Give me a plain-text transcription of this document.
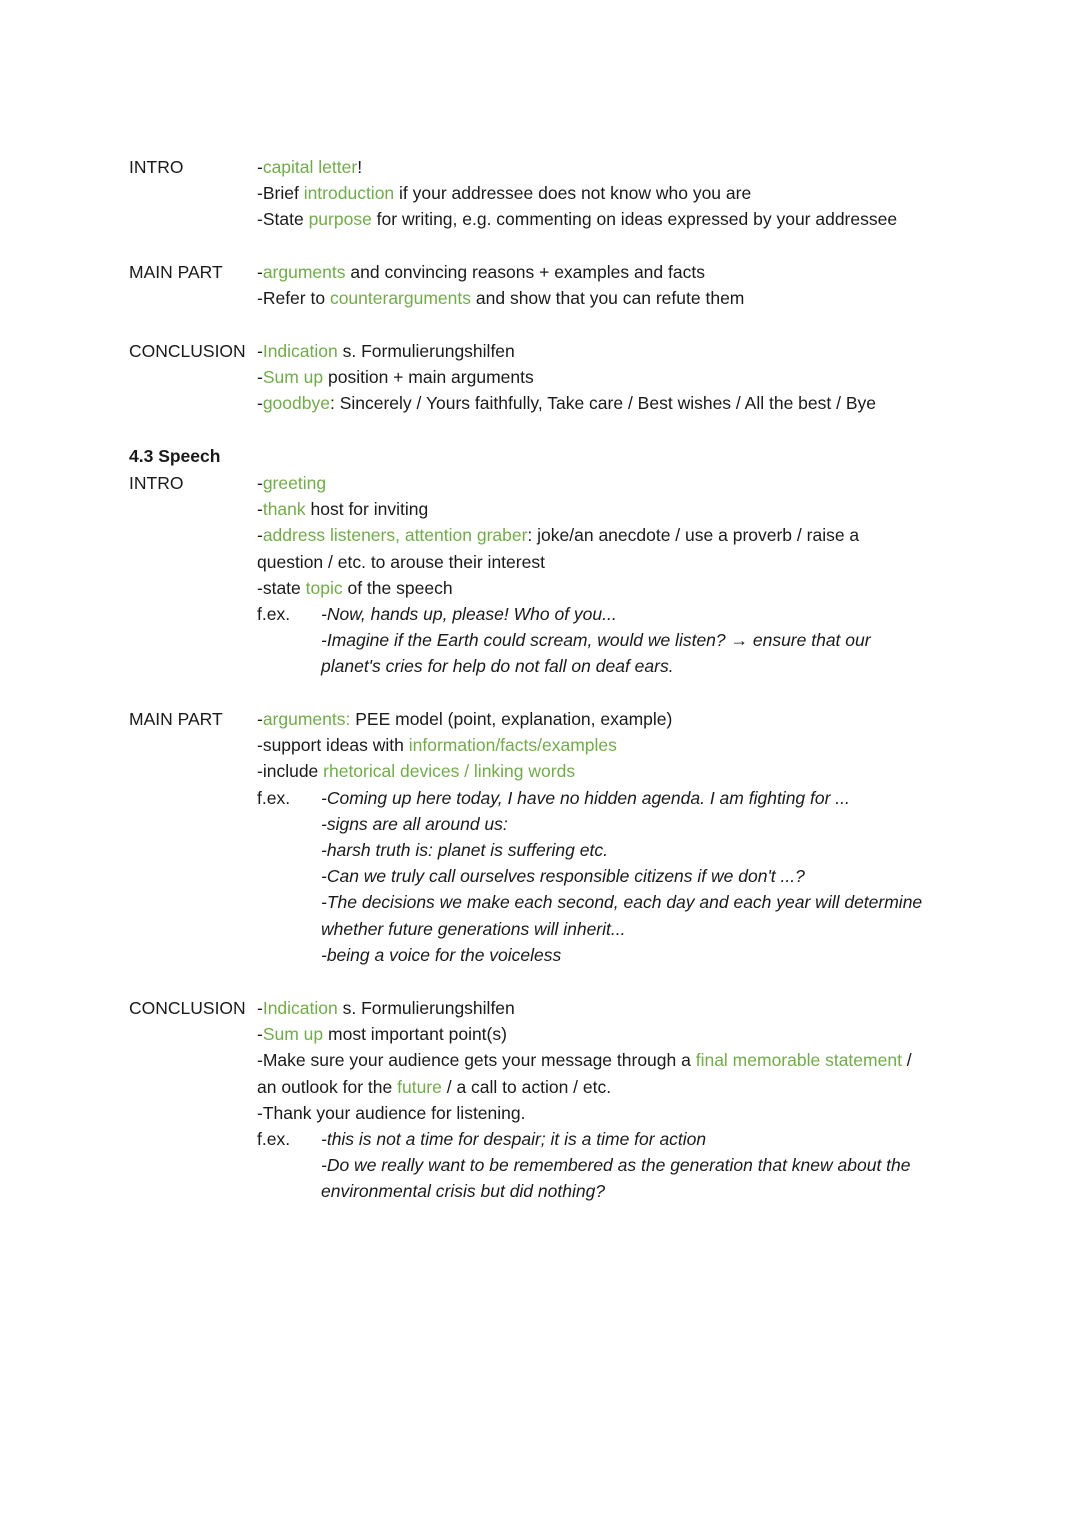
INTRO	-capital letter!
-Brief introduction if your addressee does not know who you are
-State purpose for writing, e.g. commenting on ideas expressed by your addressee
MAIN PART -arguments and convincing reasons + examples and facts
-Refer to counterarguments and show that you can refute them
CONCLUSION -Indication s. Formulierungshilfen
-Sum up position + main arguments
-goodbye: Sincerely / Yours faithfully, Take care / Best wishes / All the best / Bye
4.3 Speech
INTRO	-greeting
-thank host for inviting
-address listeners, attention graber: joke/an anecdote / use a proverb / raise a
question / etc. to arouse their interest
-state topic of the speech
f.ex.	-Now, hands up, please! Who of you...
-Imagine if the Earth could scream, would we listen? → ensure that our
planet's cries for help do not fall on deaf ears.
MAIN PART -arguments: PEE model (point, explanation, example)
-support ideas with information/facts/examples
-include rhetorical devices / linking words
f.ex.	-Coming up here today, I have no hidden agenda. I am fighting for ...
-signs are all around us:
-harsh truth is: planet is suffering etc.
-Can we truly call ourselves responsible citizens if we don't ...?
-The decisions we make each second, each day and each year will determine
whether future generations will inherit...
-being a voice for the voiceless
CONCLUSION -Indication s. Formulierungshilfen
-Sum up most important point(s)
-Make sure your audience gets your message through a final memorable statement /
an outlook for the future / a call to action / etc.
-Thank your audience for listening.
f.ex.	-this is not a time for despair; it is a time for action
-Do we really want to be remembered as the generation that knew about the
environmental crisis but did nothing?
